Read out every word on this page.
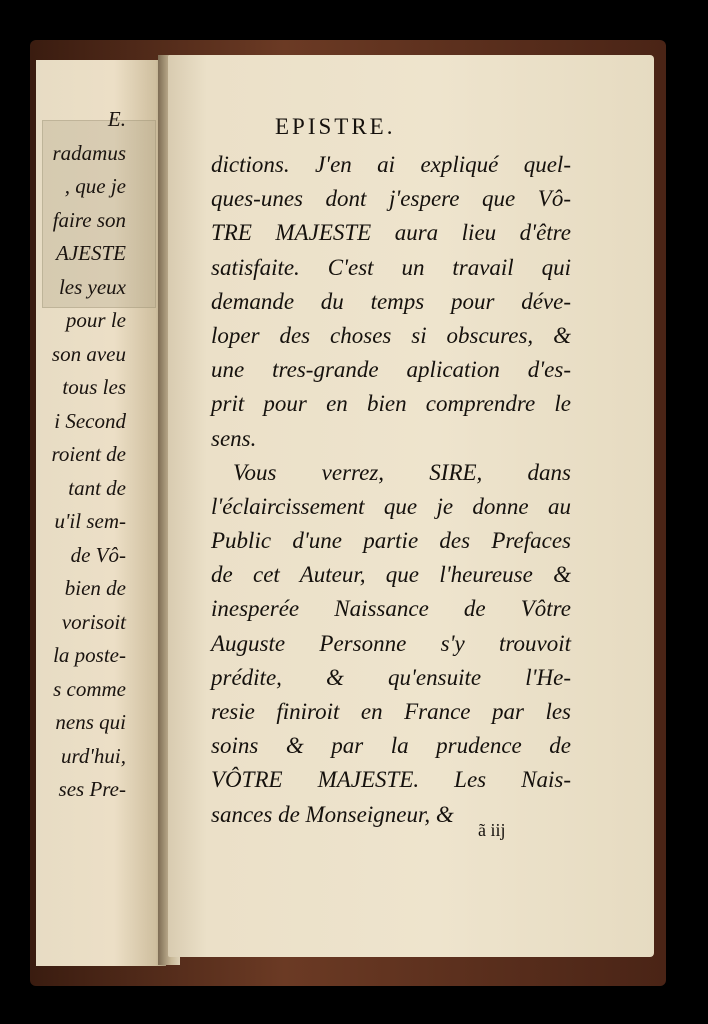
E.
radamus
, que je
faire son
AJESTE
les yeux
pour le
son aveu
tous les
i Second
roient de
tant de
u'il sem-
de Vô-
bien de
vorisoit
la poste-
s comme
nens qui
urd'hui,
ses Pre-
EPISTRE.
dictions. J'en ai expliqué quel-
ques-unes dont j'espere que Vô-
TRE MAJESTE aura lieu d'être
satisfaite. C'est un travail qui
demande du temps pour déve-
loper des choses si obscures, &
une tres-grande aplication d'es-
prit pour en bien comprendre le
sens.
Vous verrez, SIRE, dans
l'éclaircissement que je donne au
Public d'une partie des Prefaces
de cet Auteur, que l'heureuse &
inesperée Naissance de Vôtre
Auguste Personne s'y trouvoit
prédite, & qu'ensuite l'He-
resie finiroit en France par les
soins & par la prudence de
VÔTRE MAJESTE. Les Nais-
sances de Monseigneur, &
ã iij
